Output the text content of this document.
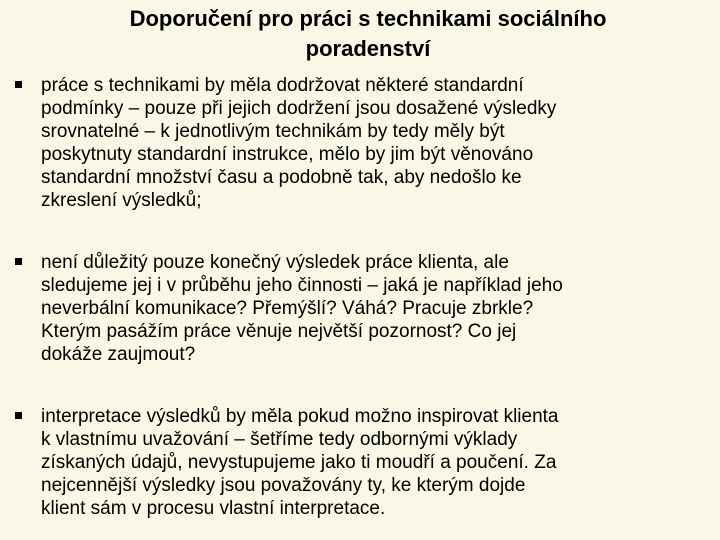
Doporučení pro práci s technikami sociálního
poradenství
práce s technikami by měla dodržovat některé standardní
podmínky – pouze při jejich dodržení jsou dosažené výsledky
srovnatelné – k jednotlivým technikám by tedy měly být
poskytnuty standardní instrukce, mělo by jim být věnováno
standardní množství času a podobně tak, aby nedošlo ke
zkreslení výsledků;
není důležitý pouze konečný výsledek práce klienta, ale
sledujeme jej i v průběhu jeho činnosti – jaká je například jeho
neverbální komunikace? Přemýšlí? Váhá? Pracuje zbrkle?
Kterým pasážím práce věnuje největší pozornost? Co jej
dokáže zaujmout?
interpretace výsledků by měla pokud možno inspirovat klienta
k vlastnímu uvažování – šetříme tedy odbornými výklady
získaných údajů, nevystupujeme jako ti moudří a poučení. Za
nejcennější výsledky jsou považovány ty, ke kterým dojde
klient sám v procesu vlastní interpretace.
